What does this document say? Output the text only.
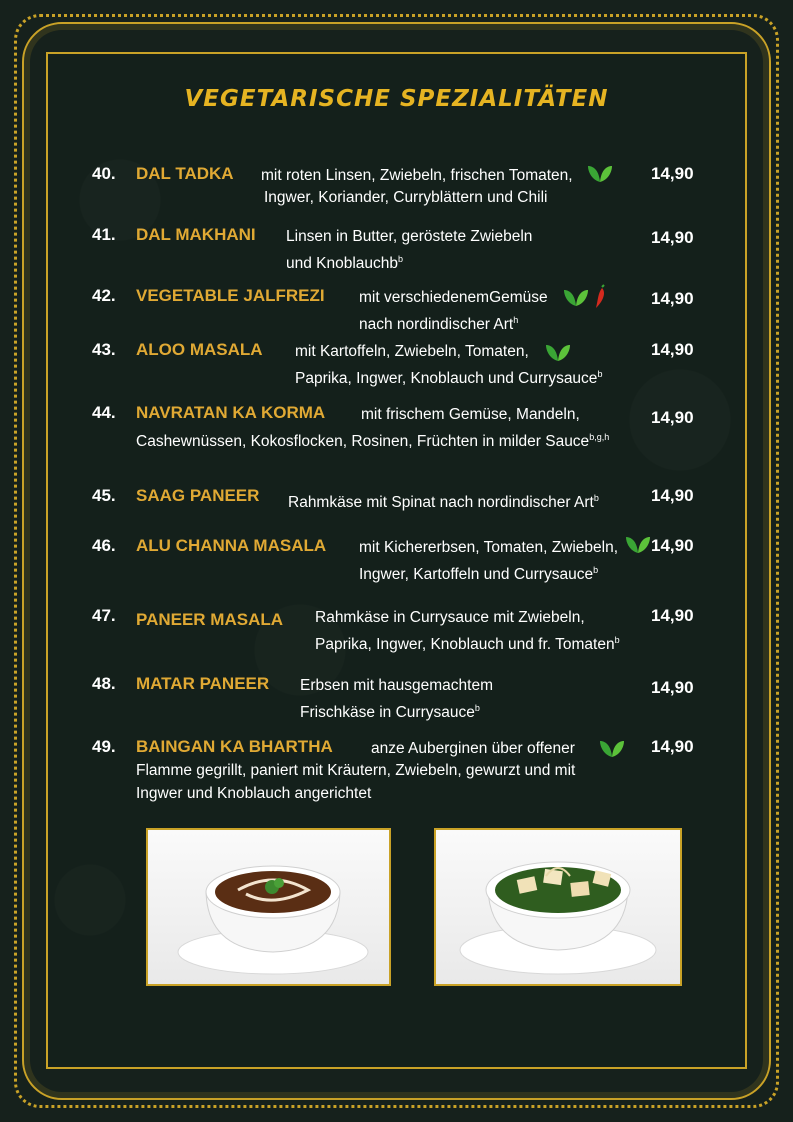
VEGETARISCHE SPEZIALITÄTEN
40. DAL TADKA mit roten Linsen, Zwiebeln, frischen Tomaten,
Ingwer, Koriander, Curryblättern und Chili
14,90
41. DAL MAKHANI Linsen in Butter, geröstete Zwiebeln
und Knoblauchb$^b$
14,90
42. VEGETABLE JALFREZI mit verschiedenemGemüse
nach nordindischer Art$^h$
14,90
43. ALOO MASALA mit Kartoffeln, Zwiebeln, Tomaten,
Paprika, Ingwer, Knoblauch und Currysauce$^b$
14,90
44. NAVRATAN KA KORMA mit frischem Gemüse, Mandeln,
Cashewnüssen, Kokosflocken, Rosinen, Früchten in milder Sauce$^{b,g,h}$
14,90
45. SAAG PANEER Rahmkäse mit Spinat nach nordindischer Art$^b$	14,90
46. ALU CHANNA MASALA mit Kichererbsen, Tomaten, Zwiebeln,
Ingwer, Kartoffeln und Currysauce$^b$
14,90
47. PANEER MASALA Rahmkäse in Currysauce mit Zwiebeln,
Paprika, Ingwer, Knoblauch und fr. Tomaten$^b$
14,90
48. MATAR PANEER Erbsen mit hausgemachtem
Frischkäse in Currysauce$^b$
14,90
49. BAINGAN KA BHARTHA anze Auberginen über offener
Flamme gegrillt, paniert mit Kräutern, Zwiebeln, gewurzt und mit
Ingwer und Knoblauch angerichtet
14,90
